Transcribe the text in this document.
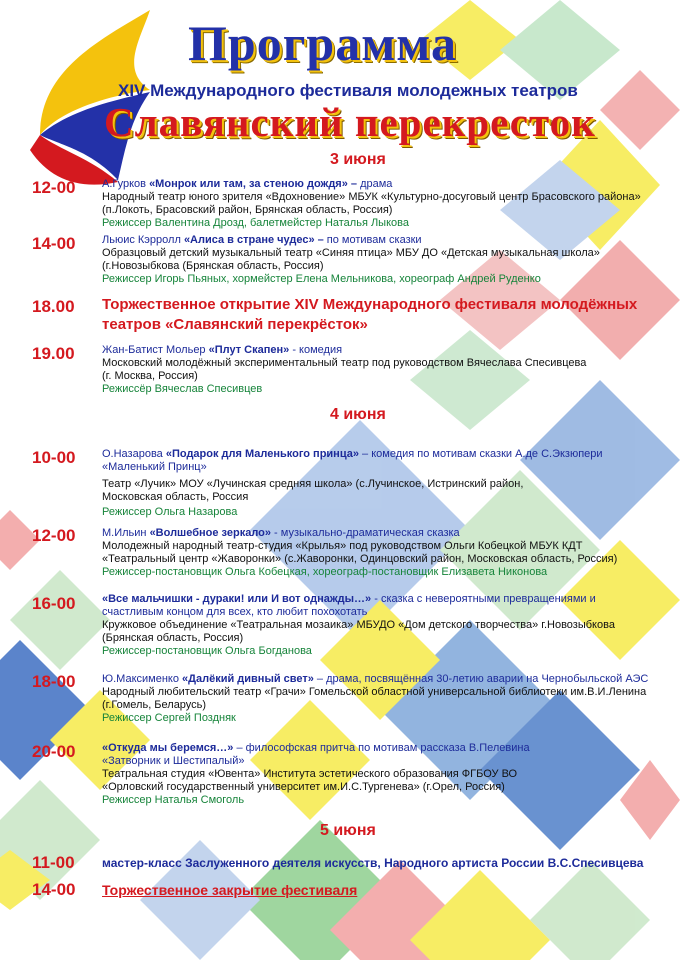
Программа
XIV Международного фестиваля молодежных театров
Славянский перекресток
3 июня
4 июня
5 июня
12-00 А.Гурков «Монрок или там, за стеною дождя» – драма
Народный театр юного зрителя «Вдохновение» МБУК «Культурно-досуговый центр Брасовского района»
(п.Локоть, Брасовский район, Брянская область, Россия)
Режиссер Валентина Дрозд, балетмейстер Наталья Лыкова
14-00 Льюис Кэрролл «Алиса в стране чудес» – по мотивам сказки
Образцовый детский музыкальный театр «Синяя птица» МБУ ДО «Детская музыкальная школа»
(г.Новозыбкова (Брянская область, Россия)
Режиссер Игорь Пьяных, хормейстер Елена Мельникова, хореограф Андрей Руденко
18.00 Торжественное открытие XIV Международного фестиваля молодёжных театров «Славянский перекрёсток»
19.00 Жан-Батист Мольер «Плут Скапен» - комедия
Московский молодёжный экспериментальный театр под руководством Вячеслава Спесивцева
(г. Москва, Россия)
Режиссёр Вячеслав Спесивцев
10-00 О.Назарова «Подарок для Маленького принца» – комедия по мотивам сказки А.де С.Экзюпери «Маленький Принц»
Театр «Лучик» МОУ «Лучинская средняя школа» (с.Лучинское, Истринский район,
Московская область, Россия
Режиссер Ольга Назарова
12-00 М.Ильин «Волшебное зеркало» - музыкально-драматическая сказка
Молодежный народный театр-студия «Крылья» под руководством Ольги Кобецкой МБУК КДТ
«Театральный центр «Жаворонки» (с.Жаворонки, Одинцовский район, Московская область, Россия)
Режиссер-постановщик Ольга Кобецкая, хореограф-постановщик Елизавета Никонова
16-00 «Все мальчишки - дураки! или И вот однажды…» - сказка с невероятными превращениями и счастливым концом для всех, кто любит похохотать
Кружковое объединение «Театральная мозаика» МБУДО «Дом детского творчества» г.Новозыбкова
(Брянская область, Россия)
Режиссер-постановщик Ольга Богданова
18-00 Ю.Максименко «Далёкий дивный свет» – драма, посвящённая 30-летию аварии на Чернобыльской АЭС
Народный любительский театр «Грачи» Гомельской областной универсальной библиотеки им.В.И.Ленина
(г.Гомель, Беларусь)
Режиссер Сергей Поздняк
20-00 «Откуда мы беремся…» – философская притча по мотивам рассказа В.Пелевина «Затворник и Шестипалый»
Театральная студия «Ювента» Института эстетического образования ФГБОУ ВО
«Орловский государственный университет им.И.С.Тургенева» (г.Орел, Россия)
Режиссер Наталья Смоголь
11-00 мастер-класс Заслуженного деятеля искусств, Народного артиста России В.С.Спесивцева
14-00 Торжественное закрытие фестиваля
